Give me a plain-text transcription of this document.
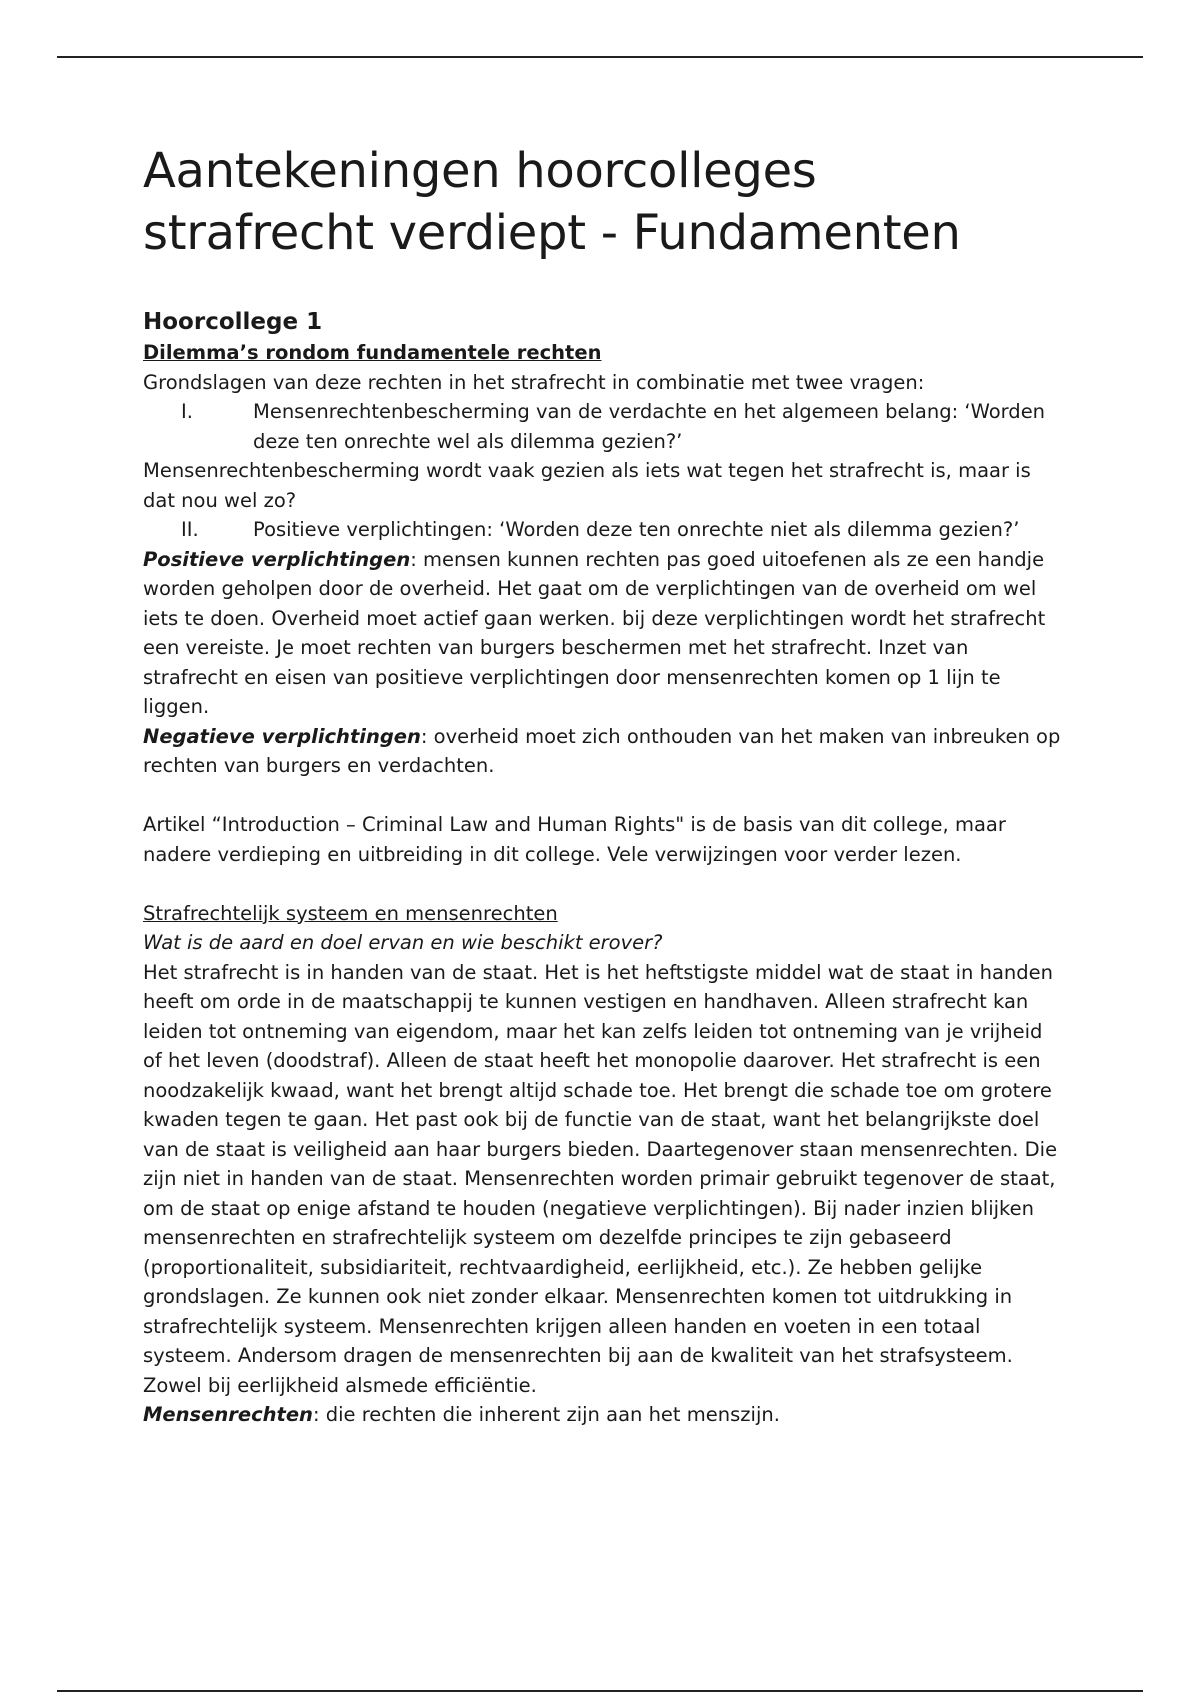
Aantekeningen hoorcolleges
strafrecht verdiept - Fundamenten
Hoorcollege 1

Dilemma’s rondom fundamentele rechten

Grondslagen van deze rechten in het strafrecht in combinatie met twee vragen:

I.	Mensenrechtenbescherming van de verdachte en het algemeen belang: ‘Worden deze ten onrechte wel als dilemma gezien?’

Mensenrechtenbescherming wordt vaak gezien als iets wat tegen het strafrecht is, maar is dat nou wel zo?

II.	Positieve verplichtingen: ‘Worden deze ten onrechte niet als dilemma gezien?’

Positieve verplichtingen: mensen kunnen rechten pas goed uitoefenen als ze een handje worden geholpen door de overheid. Het gaat om de verplichtingen van de overheid om wel iets te doen. Overheid moet actief gaan werken. bij deze verplichtingen wordt het strafrecht een vereiste. Je moet rechten van burgers beschermen met het strafrecht. Inzet van strafrecht en eisen van positieve verplichtingen door mensenrechten komen op 1 lijn te liggen.

Negatieve verplichtingen: overheid moet zich onthouden van het maken van inbreuken op rechten van burgers en verdachten.

Artikel “Introduction – Criminal Law and Human Rights" is de basis van dit college, maar nadere verdieping en uitbreiding in dit college. Vele verwijzingen voor verder lezen.

Strafrechtelijk systeem en mensenrechten

Wat is de aard en doel ervan en wie beschikt erover?

Het strafrecht is in handen van de staat. Het is het heftstigste middel wat de staat in handen heeft om orde in de maatschappij te kunnen vestigen en handhaven. Alleen strafrecht kan leiden tot ontneming van eigendom, maar het kan zelfs leiden tot ontneming van je vrijheid of het leven (doodstraf). Alleen de staat heeft het monopolie daarover. Het strafrecht is een noodzakelijk kwaad, want het brengt altijd schade toe. Het brengt die schade toe om grotere kwaden tegen te gaan. Het past ook bij de functie van de staat, want het belangrijkste doel van de staat is veiligheid aan haar burgers bieden. Daartegenover staan mensenrechten. Die zijn niet in handen van de staat. Mensenrechten worden primair gebruikt tegenover de staat, om de staat op enige afstand te houden (negatieve verplichtingen). Bij nader inzien blijken mensenrechten en strafrechtelijk systeem om dezelfde principes te zijn gebaseerd (proportionaliteit, subsidiariteit, rechtvaardigheid, eerlijkheid, etc.). Ze hebben gelijke grondslagen. Ze kunnen ook niet zonder elkaar. Mensenrechten komen tot uitdrukking in strafrechtelijk systeem. Mensenrechten krijgen alleen handen en voeten in een totaal systeem. Andersom dragen de mensenrechten bij aan de kwaliteit van het strafsysteem. Zowel bij eerlijkheid alsmede efficiëntie.

Mensenrechten: die rechten die inherent zijn aan het menszijn.
